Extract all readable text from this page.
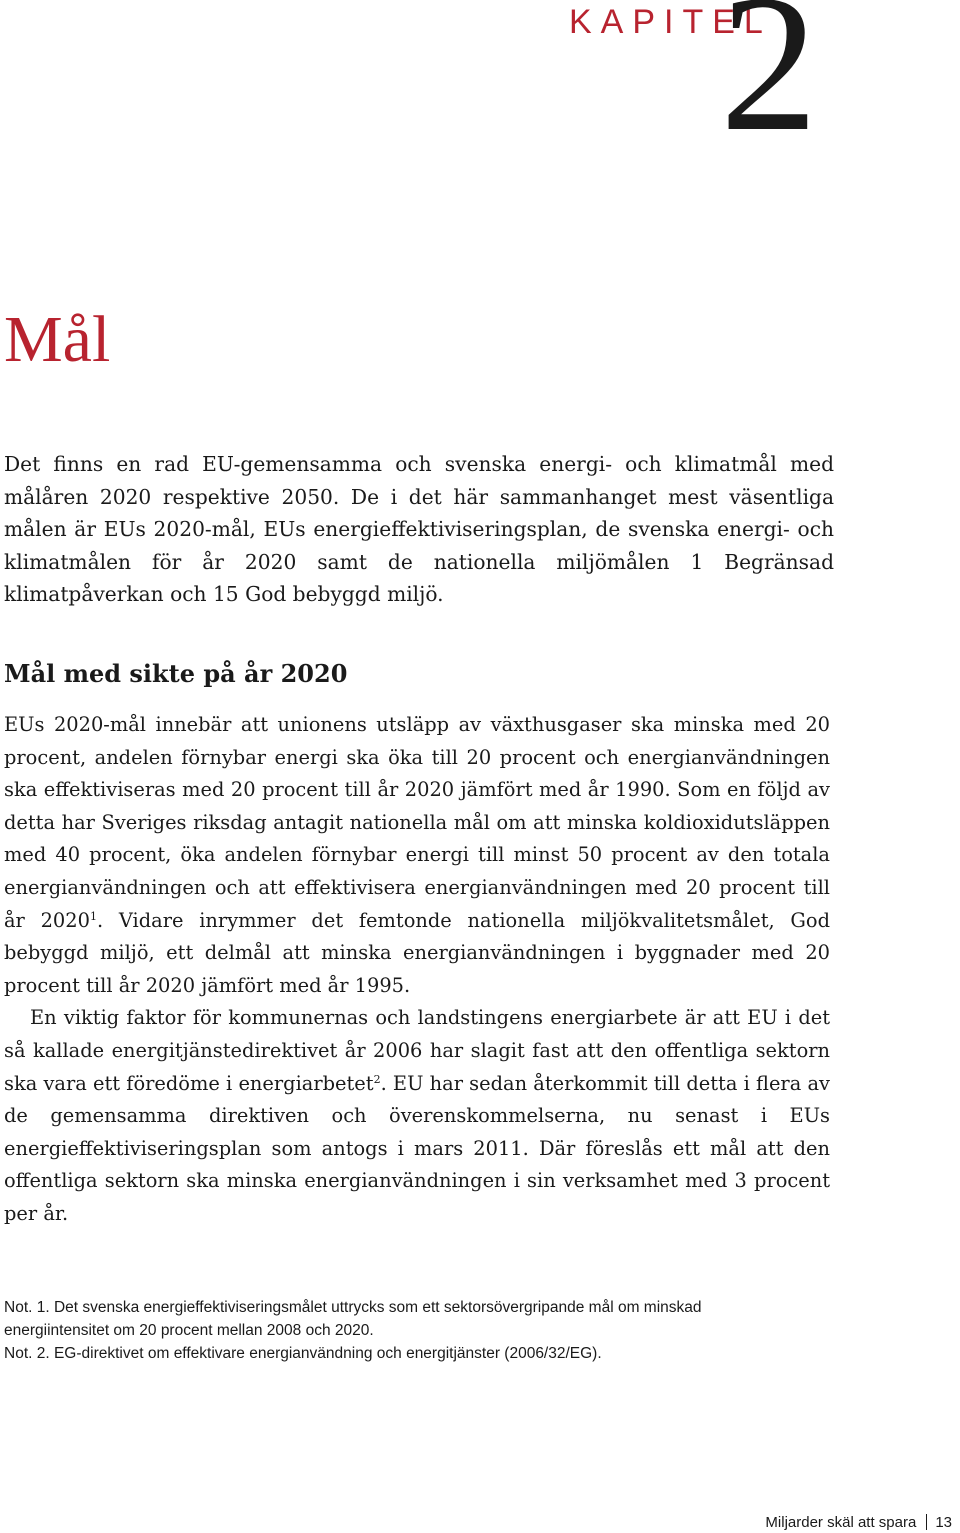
KAPITEL
2
Mål

Det finns en rad EU-gemensamma och svenska energi- och klimatmål med målåren 2020 respektive 2050. De i det här sammanhanget mest väsentliga målen är EUs 2020-mål, EUs energieffektiviseringsplan, de svenska energi- och klimatmålen för år 2020 samt de nationella miljömålen 1 Begränsad klimatpåverkan och 15 God bebyggd miljö.

Mål med sikte på år 2020

EUs 2020-mål innebär att unionens utsläpp av växthusgaser ska minska med 20 procent, andelen förnybar energi ska öka till 20 procent och energianvändningen ska effektiviseras med 20 procent till år 2020 jämfört med år 1990. Som en följd av detta har Sveriges riksdag antagit nationella mål om att minska koldioxidutsläppen med 40 procent, öka andelen förnybar energi till minst 50 procent av den totala energianvändningen och att effektivisera energianvändningen med 20 procent till år 2020$^1$. Vidare inrymmer det femtonde nationella miljökvalitetsmålet, God bebyggd miljö, ett delmål att minska energianvändningen i byggnader med 20 procent till år 2020 jämfört med år 1995.

En viktig faktor för kommunernas och landstingens energiarbete är att EU i det så kallade energitjänstedirektivet år 2006 har slagit fast att den offentliga sektorn ska vara ett föredöme i energiarbetet$^2$. EU har sedan återkommit till detta i flera av de gemensamma direktiven och överenskommelserna, nu senast i EUs energieffektiviseringsplan som antogs i mars 2011. Där föreslås ett mål att den offentliga sektorn ska minska energianvändningen i sin verksamhet med 3 procent per år.

Not. 1. Det svenska energieffektiviseringsmålet uttrycks som ett sektorsövergripande mål om minskad energiintensitet om 20 procent mellan 2008 och 2020.

Not. 2. EG-direktivet om effektivare energianvändning och energitjänster (2006/32/EG).

Miljarder skäl att spara 13
